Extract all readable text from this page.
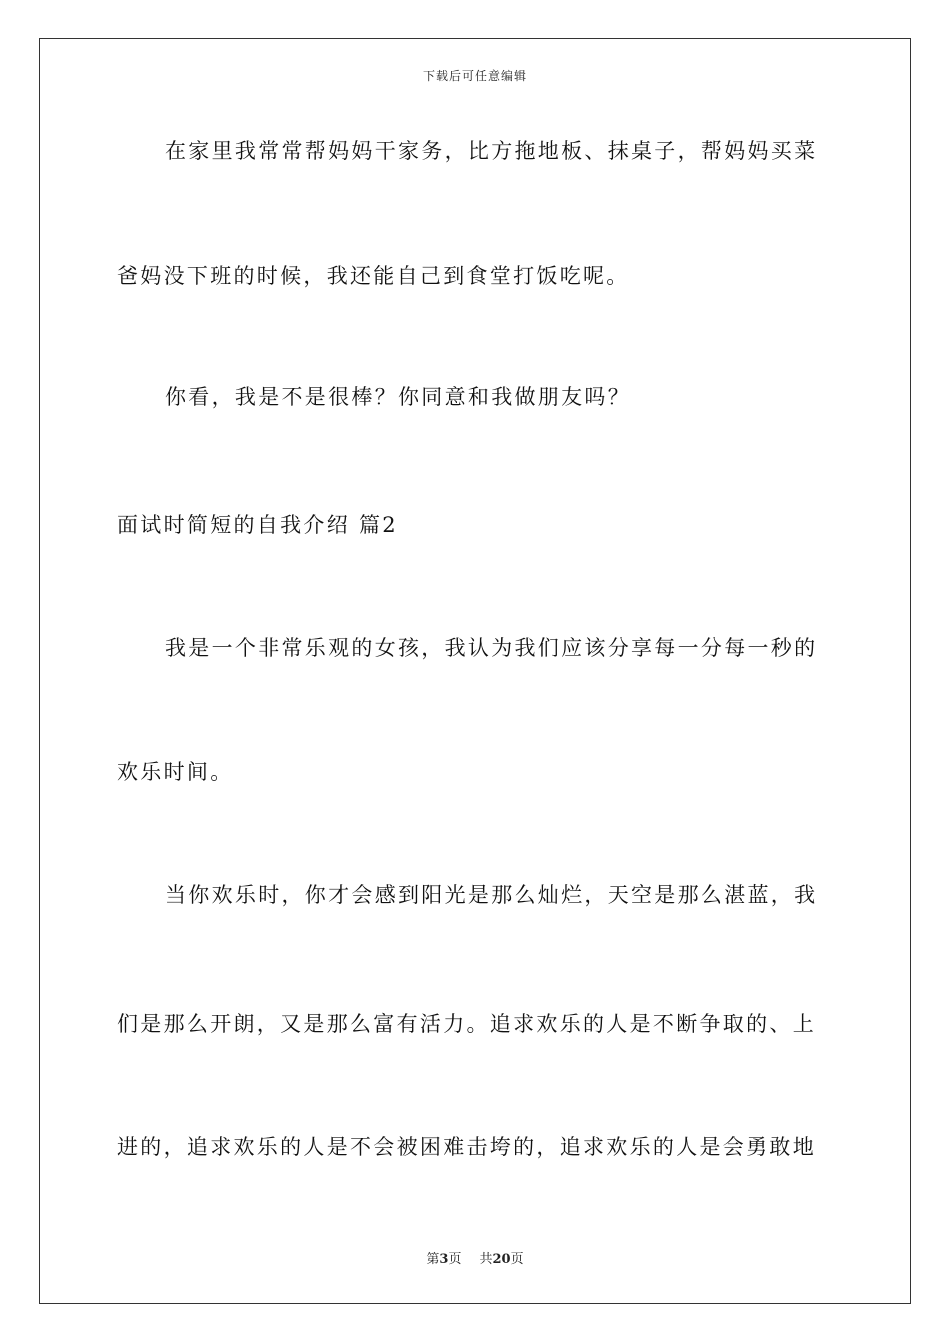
下载后可任意编辑
在家里我常常帮妈妈干家务，比方拖地板、抹桌子，帮妈妈买菜
爸妈没下班的时候，我还能自己到食堂打饭吃呢。
你看，我是不是很棒？你同意和我做朋友吗？
面试时简短的自我介绍 篇2
我是一个非常乐观的女孩，我认为我们应该分享每一分每一秒的
欢乐时间。
当你欢乐时，你才会感到阳光是那么灿烂，天空是那么湛蓝，我
们是那么开朗，又是那么富有活力。追求欢乐的人是不断争取的、上
进的，追求欢乐的人是不会被困难击垮的，追求欢乐的人是会勇敢地
第3页 共20页
